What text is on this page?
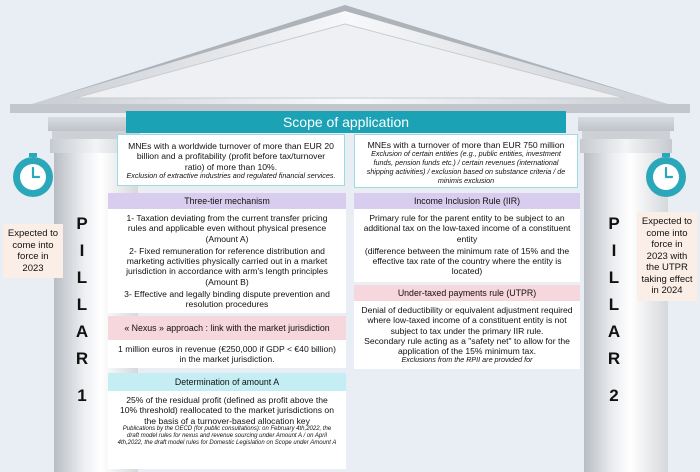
P
I
L
L
A
R
1
P
I
L
L
A
R
2
Expected to come into force in 2023
Expected to come into force in 2023 with the UTPR taking effect in 2024
Scope of application
MNEs with a worldwide turnover of more than EUR 20 billion and a profitability (profit before tax/turnover ratio) of more than 10%.
Exclusion of extractive industries and regulated financial services.
Three-tier mechanism
1- Taxation deviating from the current transfer pricing rules and applicable even without physical presence (Amount A)
2- Fixed remuneration for reference distribution and marketing activities physically carried out in a market jurisdiction in accordance with arm's length principles (Amount B)
3- Effective and legally binding dispute prevention and resolution procedures
« Nexus » approach : link with the market jurisdiction
1 million euros in revenue (€250,000 if GDP < €40 billion) in the market jurisdiction.
Determination of amount A
25% of the residual profit (defined as profit above the 10% threshold) reallocated to the market jurisdictions on the basis of a turnover-based allocation key
Publications by the OECD (for public consultations): on February 4th,2022, the draft model rules for nexus and revenue sourcing under Amount A / on April 4th,2022, the draft model rules for Domestic Legislation on Scope under Amount A
MNEs with a turnover of more than EUR 750 million
Exclusion of certain entities (e.g., public entities, investment funds, pension funds etc.) / certain revenues (international shipping activities) / exclusion based on substance criteria / de minimis exclusion
Income Inclusion Rule (IIR)
Primary rule for the parent entity to be subject to an additional tax on the low-taxed income of a constituent entity
(difference between the minimum rate of 15% and the effective tax rate of the country where the entity is located)
Under-taxed payments rule (UTPR)
Denial of deductibility or equivalent adjustment required where low-taxed income of a constituent entity is not subject to tax under the primary IIR rule.
Secondary rule acting as a "safety net" to allow for the application of the 15% minimum tax.
Exclusions from the RPII are provided for
